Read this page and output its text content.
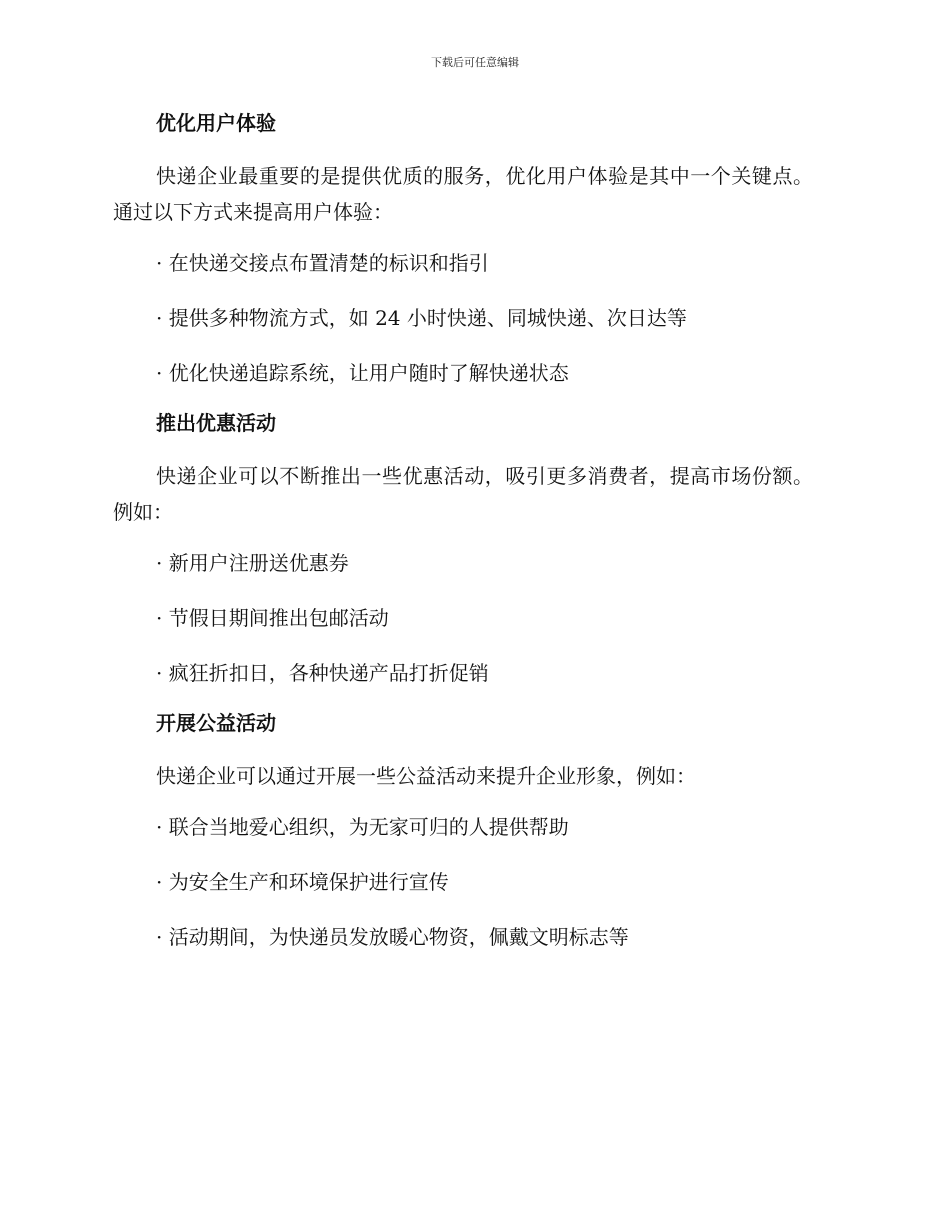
下载后可任意编辑
优化用户体验
快递企业最重要的是提供优质的服务，优化用户体验是其中一个关键点。通过以下方式来提高用户体验：
· 在快递交接点布置清楚的标识和指引
· 提供多种物流方式，如 24 小时快递、同城快递、次日达等
· 优化快递追踪系统，让用户随时了解快递状态
推出优惠活动
快递企业可以不断推出一些优惠活动，吸引更多消费者，提高市场份额。例如：
· 新用户注册送优惠券
· 节假日期间推出包邮活动
· 疯狂折扣日，各种快递产品打折促销
开展公益活动
快递企业可以通过开展一些公益活动来提升企业形象，例如：
· 联合当地爱心组织，为无家可归的人提供帮助
· 为安全生产和环境保护进行宣传
· 活动期间，为快递员发放暖心物资，佩戴文明标志等
